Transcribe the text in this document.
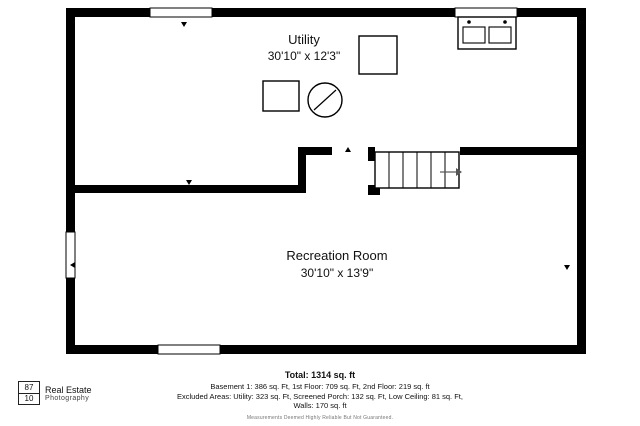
Utility
30'10" x 12'3"
Recreation Room
30'10" x 13'9"
Total: 1314 sq. ft
Basement 1: 386 sq. Ft, 1st Floor: 709 sq. Ft, 2nd Floor: 219 sq. ft
Excluded Areas: Utility: 323 sq. Ft, Screened Porch: 132 sq. Ft, Low Ceiling: 81 sq. Ft,
Walls: 170 sq. ft
Measurements Deemed Highly Reliable But Not Guaranteed.
87
10
Real Estate
Photography
